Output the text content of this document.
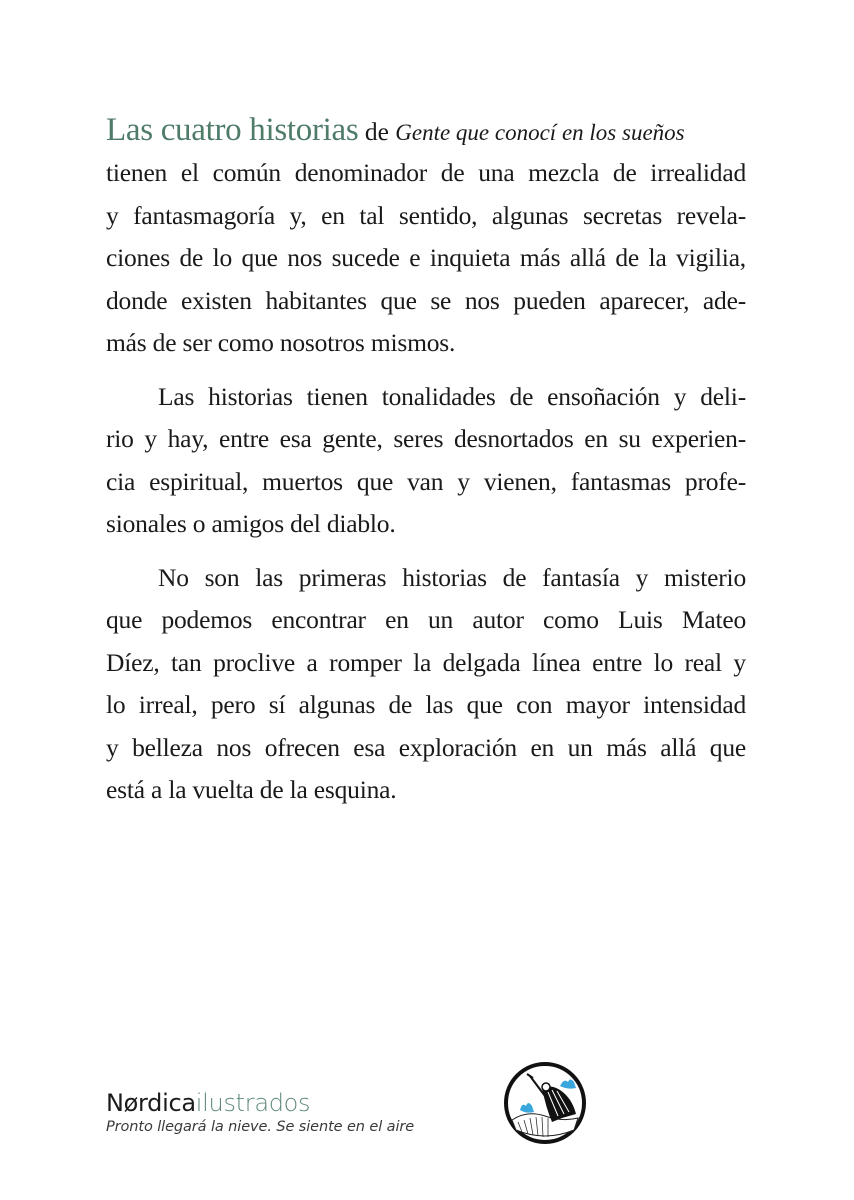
Las cuatro historias de Gente que conocí en los sueños
tienen el común denominador de una mezcla de irrealidad
y fantasmagoría y, en tal sentido, algunas secretas revela-
ciones de lo que nos sucede e inquieta más allá de la vigilia,
donde existen habitantes que se nos pueden aparecer, ade-
más de ser como nosotros mismos.
Las historias tienen tonalidades de ensoñación y deli-
rio y hay, entre esa gente, seres desnortados en su experien-
cia espiritual, muertos que van y vienen, fantasmas profe-
sionales o amigos del diablo.
No son las primeras historias de fantasía y misterio
que podemos encontrar en un autor como Luis Mateo
Díez, tan proclive a romper la delgada línea entre lo real y
lo irreal, pero sí algunas de las que con mayor intensidad
y belleza nos ofrecen esa exploración en un más allá que
está a la vuelta de la esquina.
Nørdicailustrados
Pronto llegará la nieve. Se siente en el aire
